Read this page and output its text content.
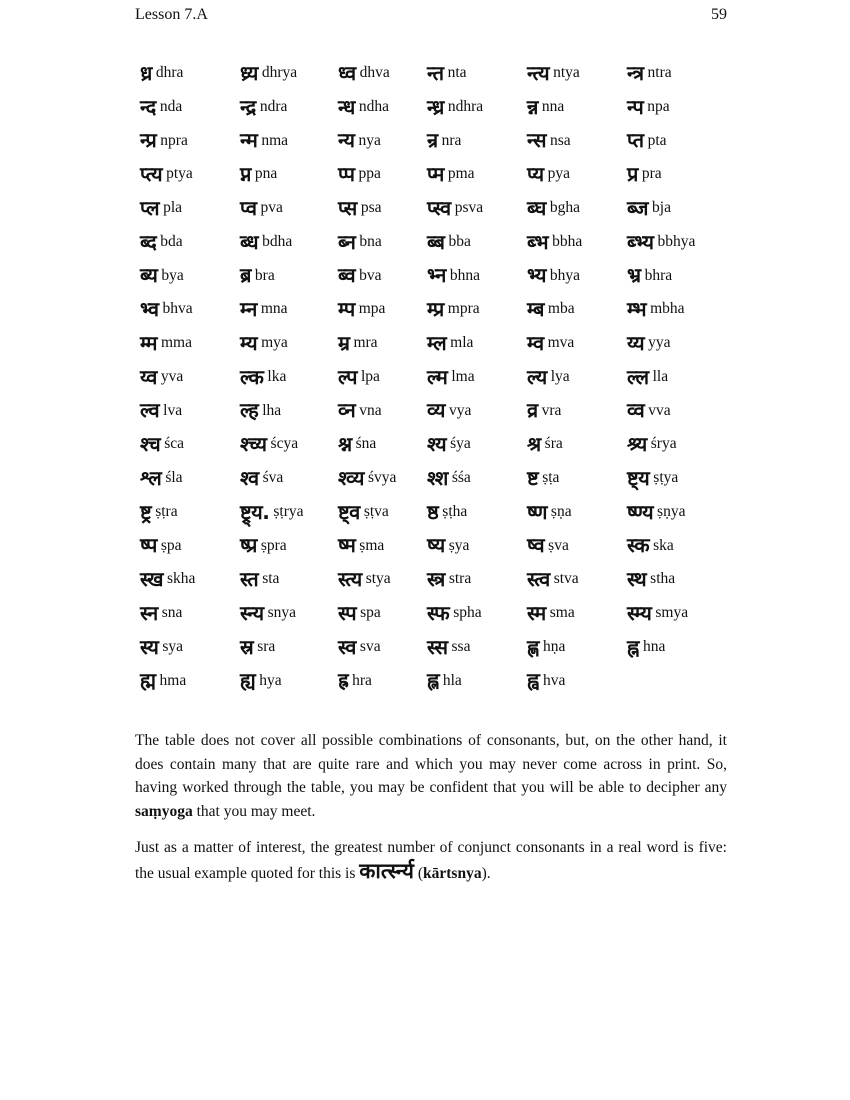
Lesson 7.A	59
ध्र dhra	ध्र्य dhrya ध्व dhva न्त nta	न्त्य ntya न्त्र ntra
न्द nda	न्द्र ndra	न्ध ndha न्ध्र ndhra न्न nna	न्प npa
न्प्र npra	न्म nma न्य nya न्र nra	न्स nsa	प्त pta
प्त्य ptya प्न pna	प्प ppa प्म pma	प्य pya	प्र pra
प्ल pla	प्व pva	प्स psa प्स्व psva ब्घ bgha ब्ज bja
ब्द bda	ब्ध bdha ब्न bna ब्ब bba	ब्भ bbha ब्भ्य bbhya
ब्य bya	ब्र bra	ब्व bva भ्न bhna भ्य bhya भ्र bhra
भ्व bhva म्न mna	म्प mpa म्प्र mpra म्ब mba	म्भ mbha
म्म mma म्य mya	म्र mra म्ल mla	म्व mva	य्य yya
य्व yva	ल्क lka	ल्प lpa ल्म lma	ल्य lya	ल्ल lla
ल्व lva	ल्ह lha	व्न vna व्य vya	व्र vra	व्व vva
श्च śca	श्च्य ścya श्न śna	श्य śya	श्र śra	श्र्य śrya
श्ल śla	श्व śva	श्व्य śvya श्श śśa	ष्ट ṣṭa	ष्ट्य ṣṭya
ष्ट्र ṣṭra	ष्ट्र्य. ṣṭrya ष्ट्व ṣṭva ष्ठ ṣṭha	ष्ण ṣṇa	ष्ण्य ṣṇya
ष्प ṣpa	ष्प्र ṣpra	ष्म ṣma ष्य ṣya	ष्व ṣva	स्क ska
स्ख skha स्त sta	स्त्य stya स्त्र stra	स्त्व stva स्थ stha
स्न sna	स्न्य snya स्प spa स्फ spha स्म sma	स्म्य smya
स्य sya	स्र sra	स्व sva स्स ssa	ह्ण hṇa	ह्न hna
ह्म hma	ह्य hya	ह्र hra	ह्ल hla	ह्व hva

The table does not cover all possible combinations of consonants, but, on the other hand, it does contain many that are quite rare and which you may never come across in print. So, having worked through the table, you may be confident that you will be able to decipher any saṃyoga that you may meet.

Just as a matter of interest, the greatest number of conjunct consonants in a real word is five: the usual example quoted for this is कार्त्स्न्य (kārtsnya).
